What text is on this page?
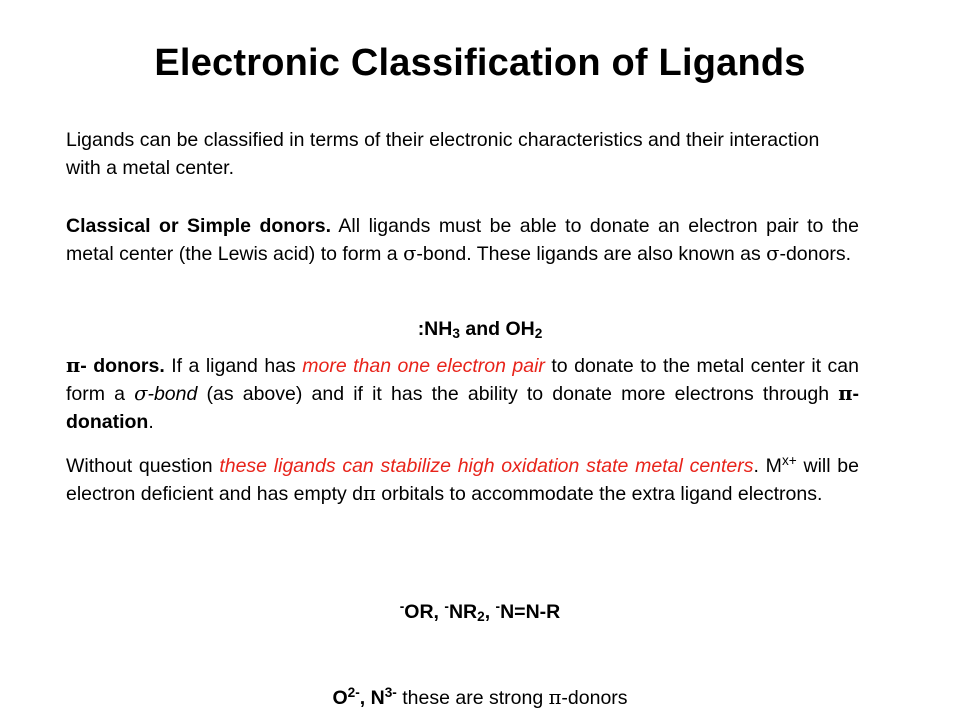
Electronic Classification of Ligands
Ligands can be classified in terms of their electronic characteristics and their interaction with a metal center.
Classical or Simple donors. All ligands must be able to donate an electron pair to the metal center (the Lewis acid) to form a σ-bond. These ligands are also known as σ-donors.
$:NH_3$ and $OH_2$
π- donors. If a ligand has more than one electron pair to donate to the metal center it can form a σ-bond (as above) and if it has the ability to donate more electrons through π-donation.
Without question these ligands can stabilize high oxidation state metal centers. $M^{x+}$ will be electron deficient and has empty dπ orbitals to accommodate the extra ligand electrons.
-OR, $^-NR_2$, -N=N-R
$O^{2-}$, $N^{3-}$ these are strong π-donors
